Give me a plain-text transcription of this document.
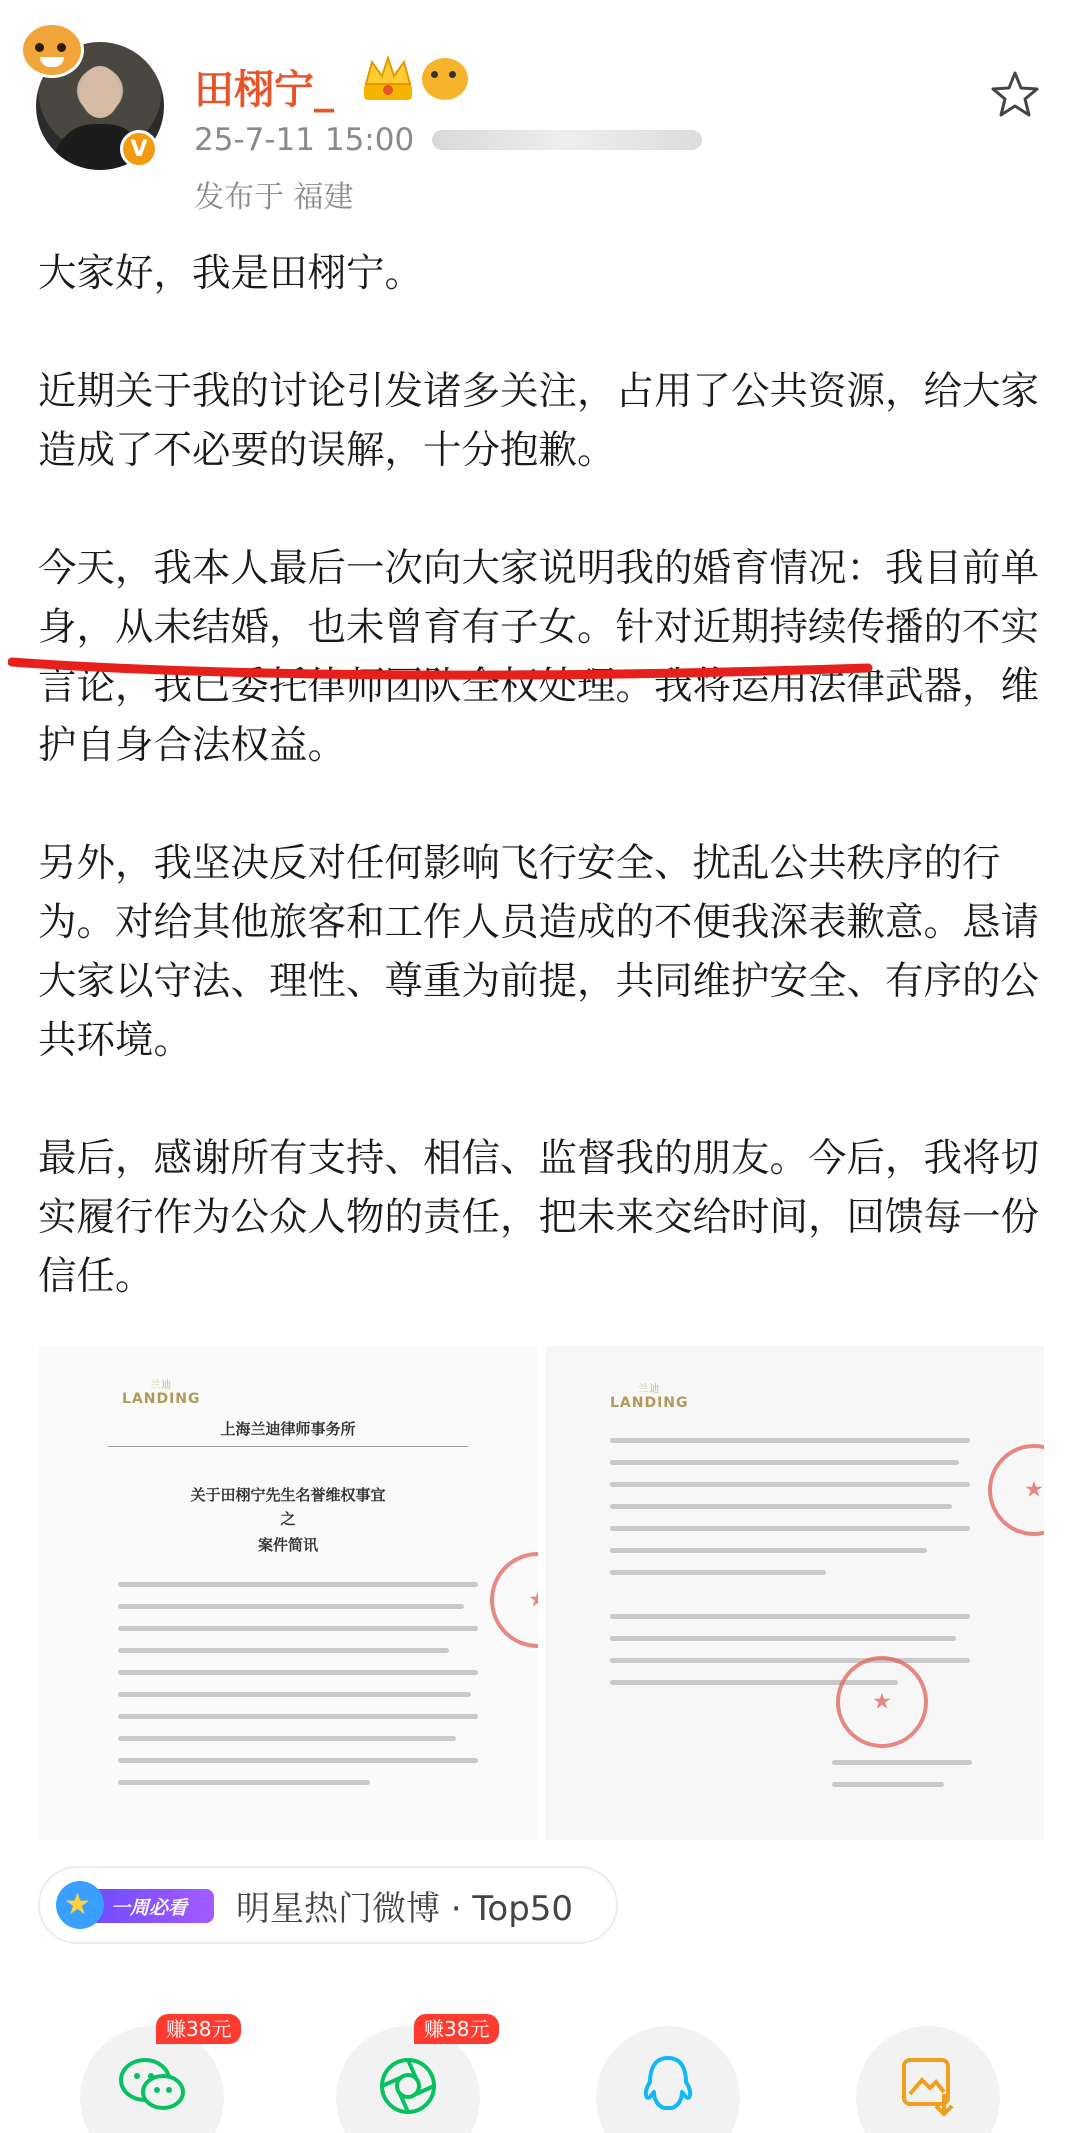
V
田栩宁_
25-7-11 15:00
发布于 福建

大家好，我是田栩宁。

近期关于我的讨论引发诸多关注，占用了公共资源，给大家造成了不必要的误解，十分抱歉。

今天，我本人最后一次向大家说明我的婚育情况：我目前单身，从未结婚，也未曾育有子女。针对近期持续传播的不实言论，我已委托律师团队全权处理。我将运用法律武器，维护自身合法权益。

另外，我坚决反对任何影响飞行安全、扰乱公共秩序的行为。对给其他旅客和工作人员造成的不便我深表歉意。恳请大家以守法、理性、尊重为前提，共同维护安全、有序的公共环境。

最后，感谢所有支持、相信、监督我的朋友。今后，我将切实履行作为公众人物的责任，把未来交给时间，回馈每一份信任。

兰迪
LANDING
上海兰迪律师事务所
关于田栩宁先生名誉维权事宜
之
案件简讯
★
兰迪
LANDING
★
★
一周必看
★	明星热门微博 · Top50
赚38元	赚38元
